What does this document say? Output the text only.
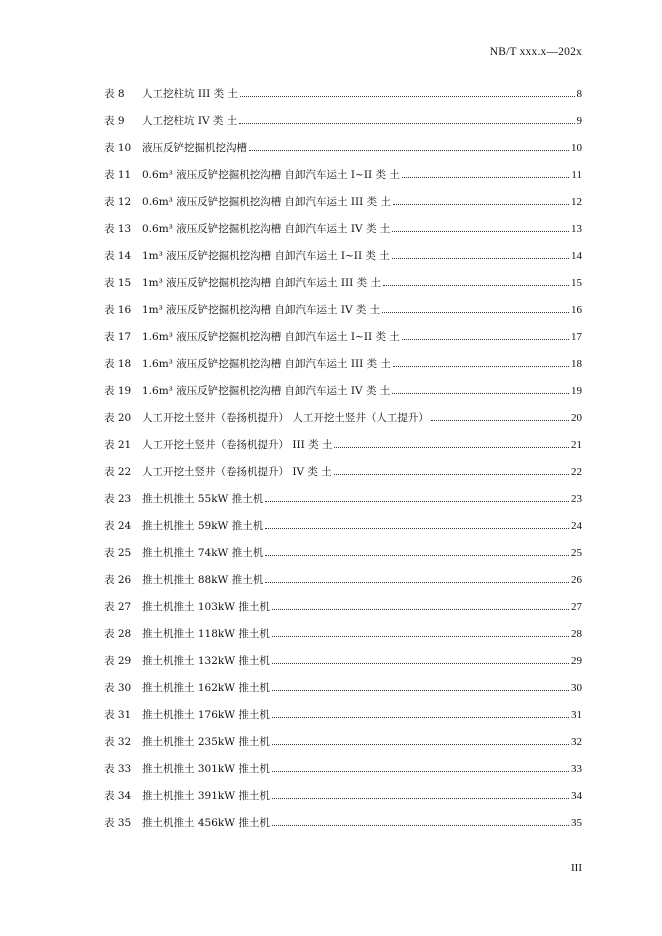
NB/T xxx.x—202x
表 8	人工挖柱坑 III 类 土	8
表 9	人工挖柱坑 IV 类 土	9
表 10	液压反铲挖掘机挖沟槽	10
表 11	0.6m³ 液压反铲挖掘机挖沟槽 自卸汽车运土 I~II 类 土	11
表 12	0.6m³ 液压反铲挖掘机挖沟槽 自卸汽车运土 III 类 土	12
表 13	0.6m³ 液压反铲挖掘机挖沟槽 自卸汽车运土 IV 类 土	13
表 14	1m³ 液压反铲挖掘机挖沟槽 自卸汽车运土 I~II 类 土	14
表 15	1m³ 液压反铲挖掘机挖沟槽 自卸汽车运土 III 类 土	15
表 16	1m³ 液压反铲挖掘机挖沟槽 自卸汽车运土 IV 类 土	16
表 17	1.6m³ 液压反铲挖掘机挖沟槽 自卸汽车运土 I~II 类 土	17
表 18	1.6m³ 液压反铲挖掘机挖沟槽 自卸汽车运土 III 类 土	18
表 19	1.6m³ 液压反铲挖掘机挖沟槽 自卸汽车运土 IV 类 土	19
表 20	人工开挖土竖井（卷扬机提升） 人工开挖土竖井（人工提升）	20
表 21	人工开挖土竖井（卷扬机提升） III 类 土	21
表 22	人工开挖土竖井（卷扬机提升） IV 类 土	22
表 23	推土机推土 55kW 推土机	23
表 24	推土机推土 59kW 推土机	24
表 25	推土机推土 74kW 推土机	25
表 26	推土机推土 88kW 推土机	26
表 27	推土机推土 103kW 推土机	27
表 28	推土机推土 118kW 推土机	28
表 29	推土机推土 132kW 推土机	29
表 30	推土机推土 162kW 推土机	30
表 31	推土机推土 176kW 推土机	31
表 32	推土机推土 235kW 推土机	32
表 33	推土机推土 301kW 推土机	33
表 34	推土机推土 391kW 推土机	34
表 35	推土机推土 456kW 推土机	35
III
